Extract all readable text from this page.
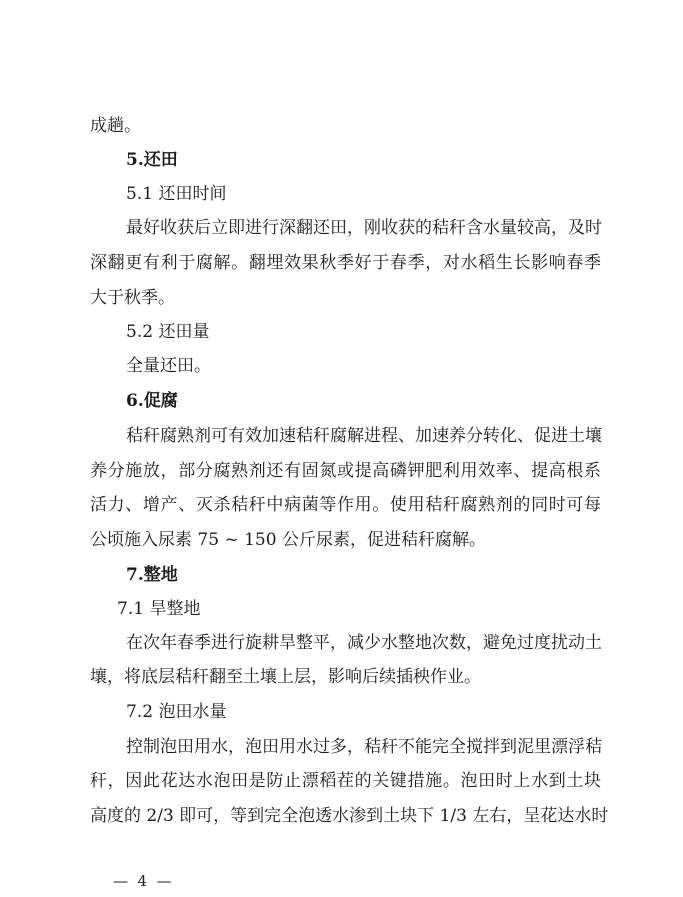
成趟。
5.还田
5.1 还田时间
最好收获后立即进行深翻还田，刚收获的秸秆含水量较高，及时
深翻更有利于腐解。翻埋效果秋季好于春季，对水稻生长影响春季
大于秋季。
5.2 还田量
全量还田。
6.促腐
秸秆腐熟剂可有效加速秸秆腐解进程、加速养分转化、促进土壤
养分施放，部分腐熟剂还有固氮或提高磷钾肥利用效率、提高根系
活力、增产、灭杀秸秆中病菌等作用。使用秸秆腐熟剂的同时可每
公顷施入尿素 75 ~ 150 公斤尿素，促进秸秆腐解。
7.整地
7.1 旱整地
在次年春季进行旋耕旱整平，减少水整地次数，避免过度扰动土
壤，将底层秸秆翻至土壤上层，影响后续插秧作业。
7.2 泡田水量
控制泡田用水，泡田用水过多，秸秆不能完全搅拌到泥里漂浮秸
秆，因此花达水泡田是防止漂稻茬的关键措施。泡田时上水到土块
高度的 2/3 即可，等到完全泡透水渗到土块下 1/3 左右，呈花达水时
—  4  —
